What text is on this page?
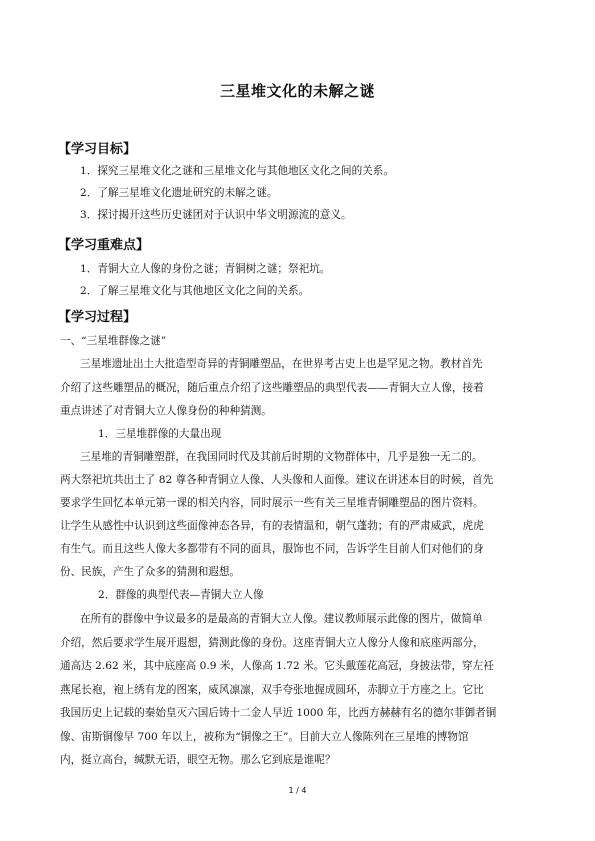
三星堆文化的未解之谜
【学习目标】
1．探究三星堆文化之谜和三星堆文化与其他地区文化之间的关系。
2．了解三星堆文化遗址研究的未解之谜。
3．探讨揭开这些历史谜团对于认识中华文明源流的意义。
【学习重难点】
1．青铜大立人像的身份之谜；青铜树之谜；祭祀坑。
2．了解三星堆文化与其他地区文化之间的关系。
【学习过程】
一、“三星堆群像之谜”
三星堆遗址出土大批造型奇异的青铜雕塑品，在世界考古史上也是罕见之物。教材首先
介绍了这些雕塑品的概况，随后重点介绍了这些雕塑品的典型代表——青铜大立人像，接着
重点讲述了对青铜大立人像身份的种种猜测。
1．三星堆群像的大量出现
三星堆的青铜雕塑群，在我国同时代及其前后时期的文物群体中，几乎是独一无二的。
两大祭祀坑共出土了 82 尊各种青铜立人像、人头像和人面像。建议在讲述本目的时候，首先
要求学生回忆本单元第一课的相关内容，同时展示一些有关三星堆青铜雕塑品的图片资料。
让学生从感性中认识到这些面像神态各异，有的表情温和，朝气蓬勃；有的严肃威武，虎虎
有生气。而且这些人像大多都带有不同的面具，服饰也不同，告诉学生目前人们对他们的身
份、民族，产生了众多的猜测和遐想。
2．群像的典型代表—青铜大立人像
在所有的群像中争议最多的是最高的青铜大立人像。建议教师展示此像的图片，做简单
介绍，然后要求学生展开遐想，猜测此像的身份。这座青铜大立人像分人像和底座两部分，
通高达 2.62 米，其中底座高 0.9 米，人像高 1.72 米。它头戴莲花高冠，身披法带，穿左衽
燕尾长袍，袍上绣有龙的图案，威风凛凛，双手夸张地握成圆环，赤脚立于方座之上。它比
我国历史上记载的秦始皇灭六国后铸十二金人早近 1000 年，比西方赫赫有名的德尔菲御者铜
像、宙斯铜像早 700 年以上，被称为“铜像之王”。目前大立人像陈列在三星堆的博物馆
内，挺立高台，缄默无语，眼空无物。那么它到底是谁呢？
1 / 4
